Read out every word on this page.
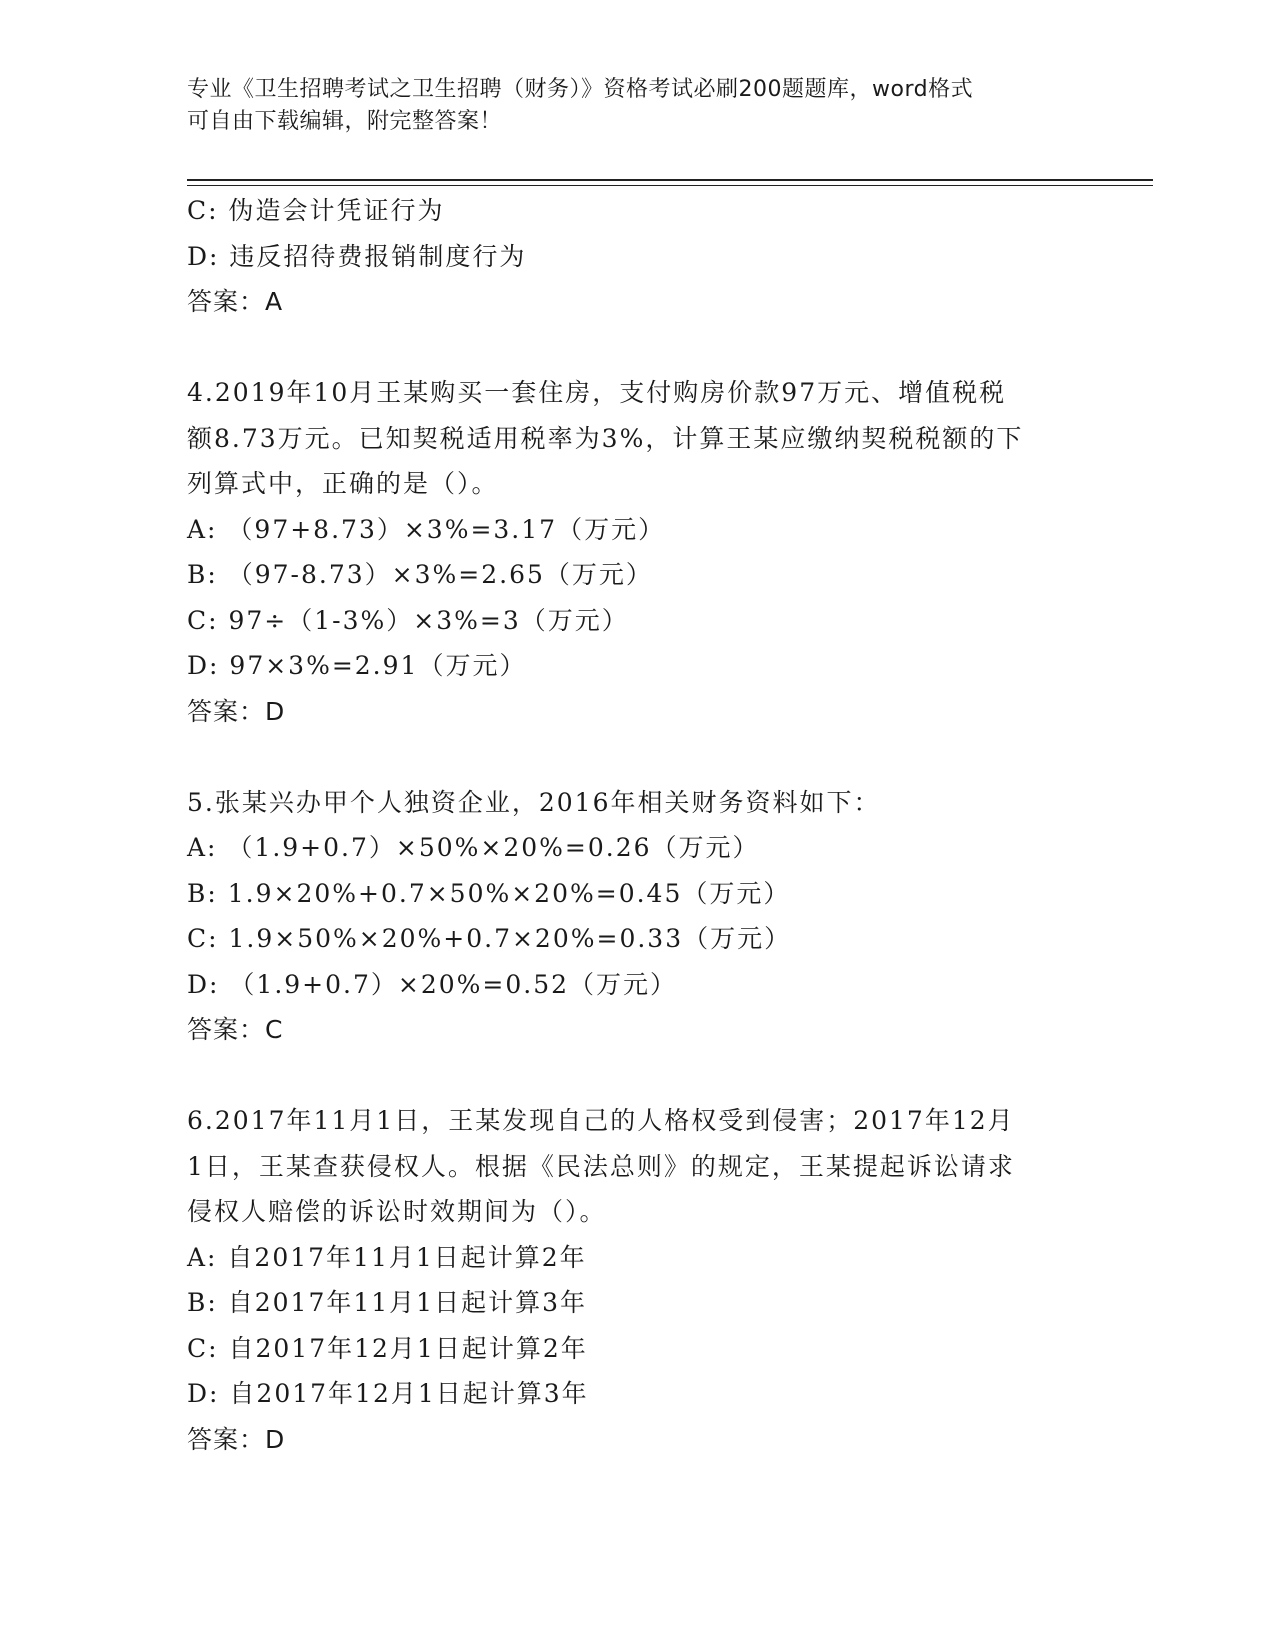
专业《卫生招聘考试之卫生招聘（财务）》资格考试必刷200题题库，word格式
可自由下载编辑，附完整答案！
C: 伪造会计凭证行为
D: 违反招待费报销制度行为
答案：A
4.2019年10月王某购买一套住房，支付购房价款97万元、增值税税
额8.73万元。已知契税适用税率为3%，计算王某应缴纳契税税额的下
列算式中，正确的是（）。
A: （97+8.73）×3%=3.17（万元）
B: （97-8.73）×3%=2.65（万元）
C: 97÷（1-3%）×3%=3（万元）
D: 97×3%=2.91（万元）
答案：D
5.张某兴办甲个人独资企业，2016年相关财务资料如下：
A: （1.9+0.7）×50%×20%=0.26（万元）
B: 1.9×20%+0.7×50%×20%=0.45（万元）
C: 1.9×50%×20%+0.7×20%=0.33（万元）
D: （1.9+0.7）×20%=0.52（万元）
答案：C
6.2017年11月1日，王某发现自己的人格权受到侵害；2017年12月
1日，王某查获侵权人。根据《民法总则》的规定，王某提起诉讼请求
侵权人赔偿的诉讼时效期间为（）。
A: 自2017年11月1日起计算2年
B: 自2017年11月1日起计算3年
C: 自2017年12月1日起计算2年
D: 自2017年12月1日起计算3年
答案：D
